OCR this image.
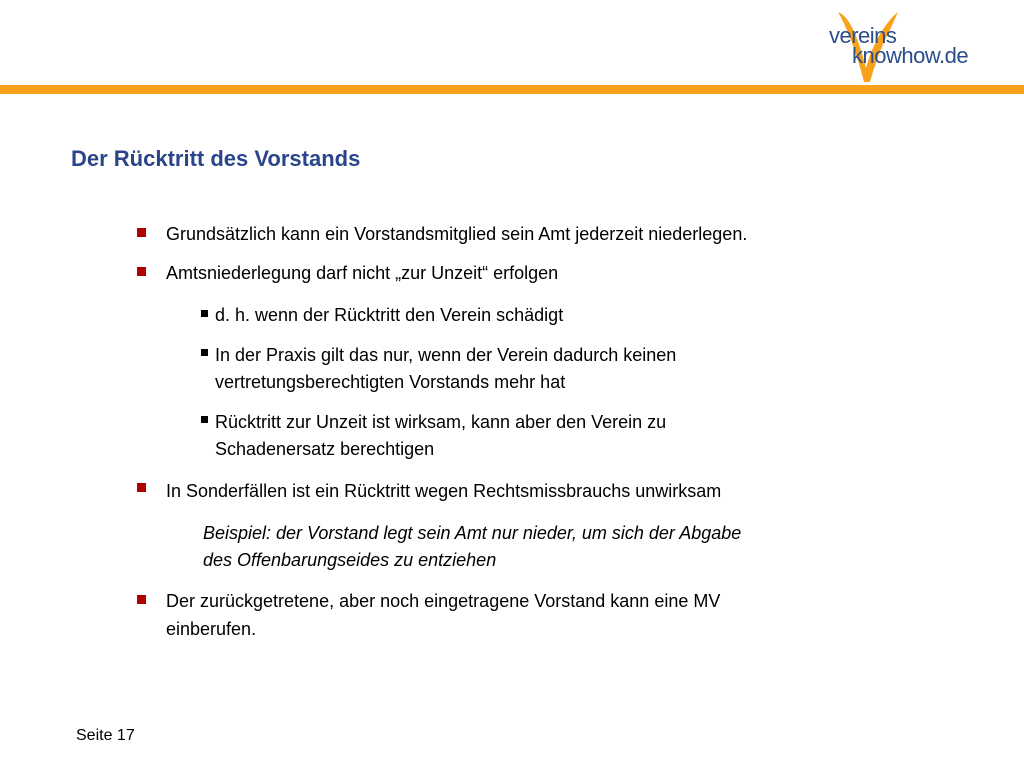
vereins
knowhow.de
Der Rücktritt des Vorstands
Grundsätzlich kann ein Vorstandsmitglied sein Amt jederzeit niederlegen.
Amtsniederlegung darf nicht „zur Unzeit“ erfolgen
d. h. wenn der Rücktritt den Verein schädigt
In der Praxis gilt das nur, wenn der Verein dadurch keinen
vertretungsberechtigten Vorstands mehr hat
Rücktritt zur Unzeit ist wirksam, kann aber den Verein zu
Schadenersatz berechtigen
In Sonderfällen ist ein Rücktritt wegen Rechtsmissbrauchs unwirksam
Beispiel: der Vorstand legt sein Amt nur nieder, um sich der Abgabe
des Offenbarungseides zu entziehen
Der zurückgetretene, aber noch eingetragene Vorstand kann eine MV
einberufen.
Seite 17
